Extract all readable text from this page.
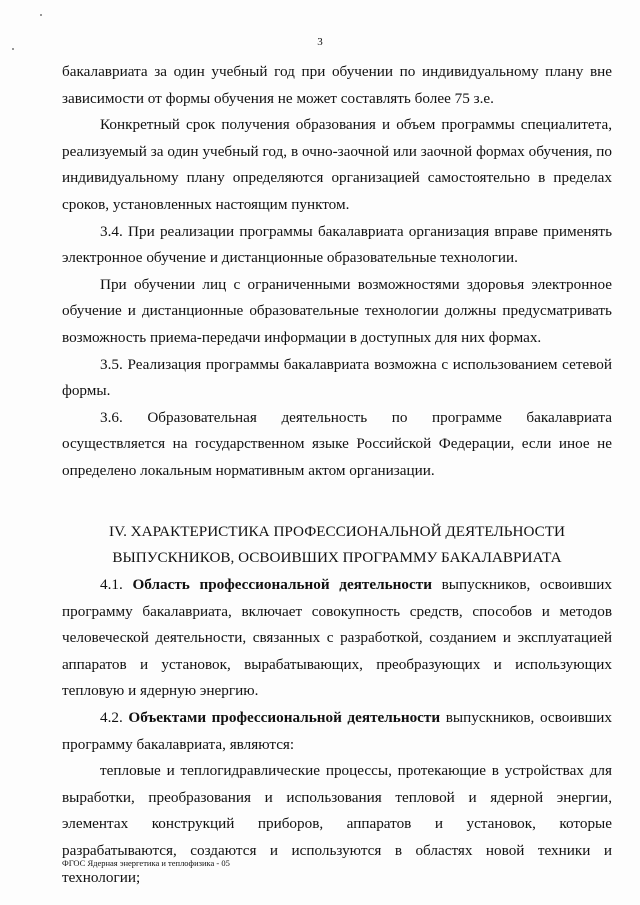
3

бакалавриата за один учебный год при обучении по индивидуальному плану вне зависимости от формы обучения не может составлять более 75 з.е.

Конкретный срок получения образования и объем программы специалитета, реализуемый за один учебный год, в очно-заочной или заочной формах обучения, по индивидуальному плану определяются организацией самостоятельно в пределах сроков, установленных настоящим пунктом.

3.4. При реализации программы бакалавриата организация вправе применять электронное обучение и дистанционные образовательные технологии.

При обучении лиц с ограниченными возможностями здоровья электронное обучение и дистанционные образовательные технологии должны предусматривать возможность приема-передачи информации в доступных для них формах.

3.5. Реализация программы бакалавриата возможна с использованием сетевой формы.

3.6. Образовательная деятельность по программе бакалавриата осуществляется на государственном языке Российской Федерации, если иное не определено локальным нормативным актом организации.

IV. ХАРАКТЕРИСТИКА ПРОФЕССИОНАЛЬНОЙ ДЕЯТЕЛЬНОСТИ
ВЫПУСКНИКОВ, ОСВОИВШИХ ПРОГРАММУ БАКАЛАВРИАТА

4.1. Область профессиональной деятельности выпускников, освоивших программу бакалавриата, включает совокупность средств, способов и методов человеческой деятельности, связанных с разработкой, созданием и эксплуатацией аппаратов и установок, вырабатывающих, преобразующих и использующих тепловую и ядерную энергию.

4.2. Объектами профессиональной деятельности выпускников, освоивших программу бакалавриата, являются:

тепловые и теплогидравлические процессы, протекающие в устройствах для выработки, преобразования и использования тепловой и ядерной энергии, элементах конструкций приборов, аппаратов и установок, которые разрабатываются, создаются и используются в областях новой техники и технологии;

ФГОС Ядерная энергетика и теплофизика - 05
